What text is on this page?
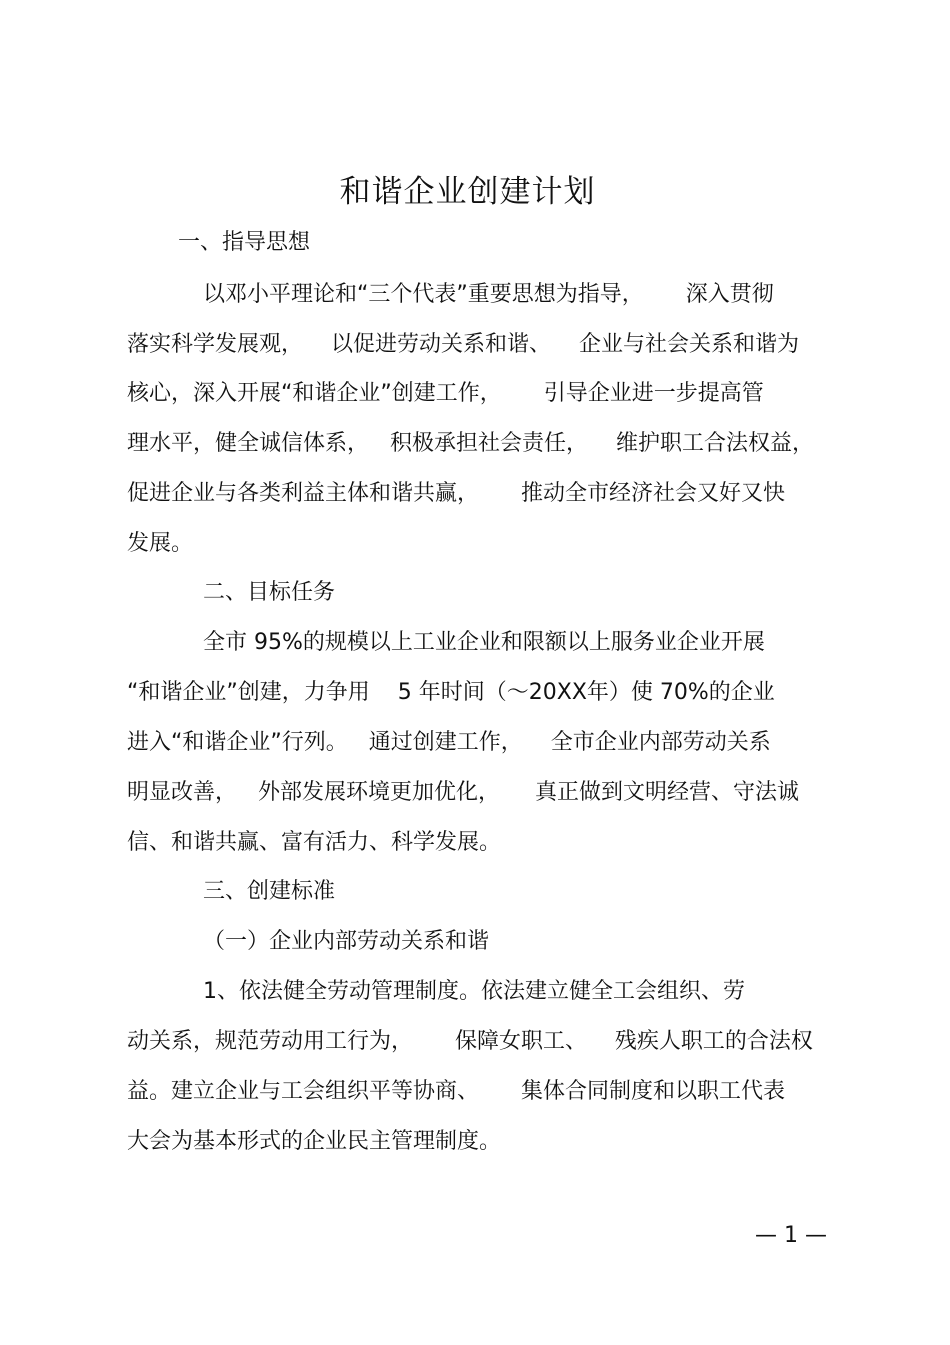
和谐企业创建计划
一、指导思想
以邓小平理论和“三个代表”重要思想为指导，      深入贯彻
落实科学发展观，    以促进劳动关系和谐、    企业与社会关系和谐为
核心，深入开展“和谐企业”创建工作，      引导企业进一步提高管
理水平，健全诚信体系，   积极承担社会责任，    维护职工合法权益，
促进企业与各类利益主体和谐共赢，      推动全市经济社会又好又快
发展。
二、目标任务
全市 95%的规模以上工业企业和限额以上服务业企业开展
“和谐企业”创建，力争用    5 年时间（～20XX年）使 70%的企业
进入“和谐企业”行列。   通过创建工作，    全市企业内部劳动关系
明显改善，   外部发展环境更加优化，     真正做到文明经营、守法诚
信、和谐共赢、富有活力、科学发展。
三、创建标准
（一）企业内部劳动关系和谐
1、依法健全劳动管理制度。依法建立健全工会组织、劳
动关系，规范劳动用工行为，      保障女职工、    残疾人职工的合法权
益。建立企业与工会组织平等协商、      集体合同制度和以职工代表
大会为基本形式的企业民主管理制度。
— 1 —
